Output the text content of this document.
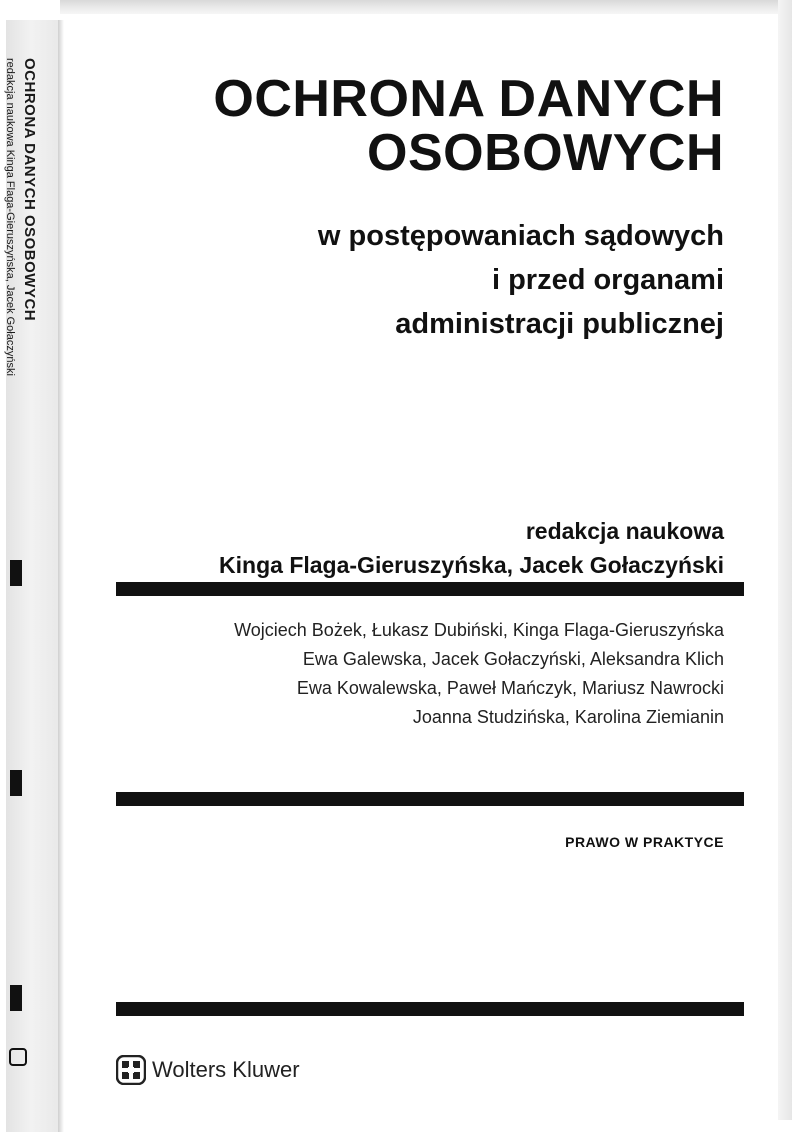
OCHRONA DANYCH OSOBOWYCH
redakcja naukowa Kinga Flaga-Gieruszyńska, Jacek Gołaczyński	OCHRONA DANYCH
OSOBOWYCH
w postępowaniach sądowych
i przed organami
administracji publicznej
redakcja naukowa
Kinga Flaga-Gieruszyńska, Jacek Gołaczyński
Wojciech Bożek, Łukasz Dubiński, Kinga Flaga-Gieruszyńska
Ewa Galewska, Jacek Gołaczyński, Aleksandra Klich
Ewa Kowalewska, Paweł Mańczyk, Mariusz Nawrocki
Joanna Studzińska, Karolina Ziemianin
PRAWO W PRAKTYCE
Wolters Kluwer
